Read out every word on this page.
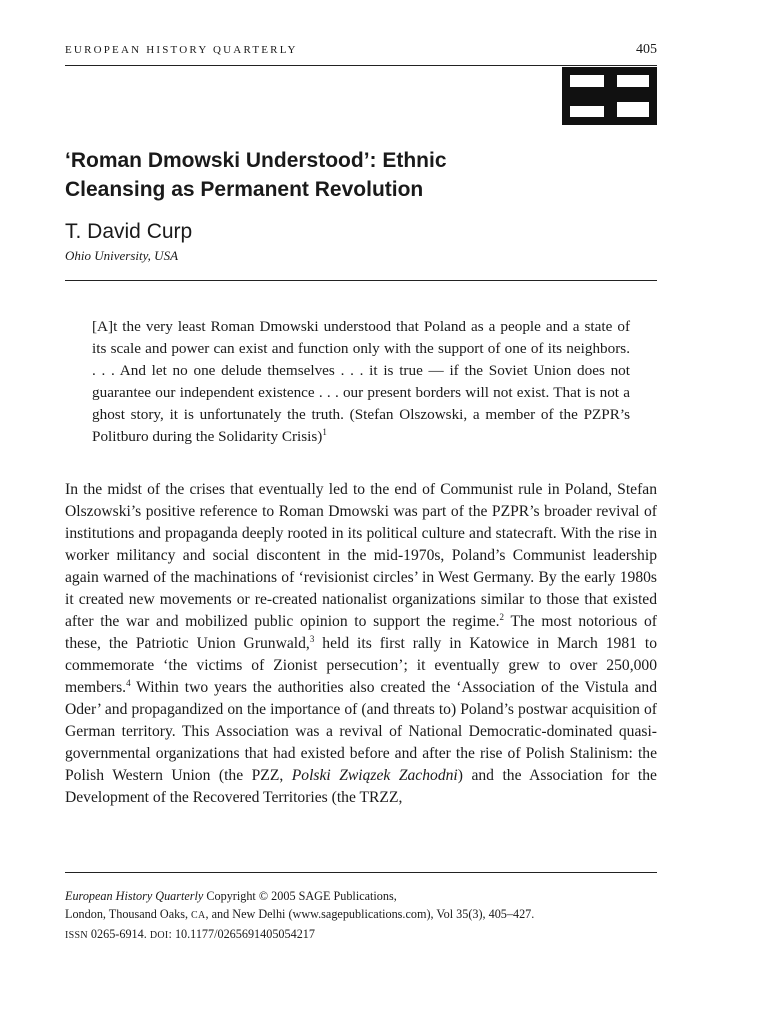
EUROPEAN HISTORY QUARTERLY	405
‘Roman Dmowski Understood’: Ethnic
Cleansing as Permanent Revolution
T. David Curp
Ohio University, USA

[A]t the very least Roman Dmowski understood that Poland as a people and a state of its scale and power can exist and function only with the support of one of its neighbors. . . . And let no one delude themselves . . . it is true — if the Soviet Union does not guarantee our independent existence . . . our present borders will not exist. That is not a ghost story, it is unfortunately the truth. (Stefan Olszowski, a member of the PZPR’s Politburo during the Solidarity Crisis)$^1$

In the midst of the crises that eventually led to the end of Communist rule in Poland, Stefan Olszowski’s positive reference to Roman Dmowski was part of the PZPR’s broader revival of institutions and propaganda deeply rooted in its political culture and statecraft. With the rise in worker militancy and social discontent in the mid-1970s, Poland’s Communist leadership again warned of the machinations of ‘revisionist circles’ in West Germany. By the early 1980s it created new movements or re-created nationalist organizations similar to those that existed after the war and mobilized public opinion to support the regime.$^2$ The most notorious of these, the Patriotic Union Grunwald,$^3$ held its first rally in Katowice in March 1981 to commemorate ‘the victims of Zionist persecution’; it eventually grew to over 250,000 members.$^4$ Within two years the authorities also created the ‘Association of the Vistula and Oder’ and propagandized on the importance of (and threats to) Poland’s postwar acquisition of German territory. This Association was a revival of National Democratic-dominated quasi-governmental organizations that had existed before and after the rise of Polish Stalinism: the Polish Western Union (the PZZ, Polski Związek Zachodni) and the Association for the Development of the Recovered Territories (the TRZZ,

European History Quarterly Copyright © 2005 SAGE Publications,
London, Thousand Oaks, CA, and New Delhi (www.sagepublications.com), Vol 35(3), 405–427.
ISSN 0265-6914. DOI: 10.1177/0265691405054217
